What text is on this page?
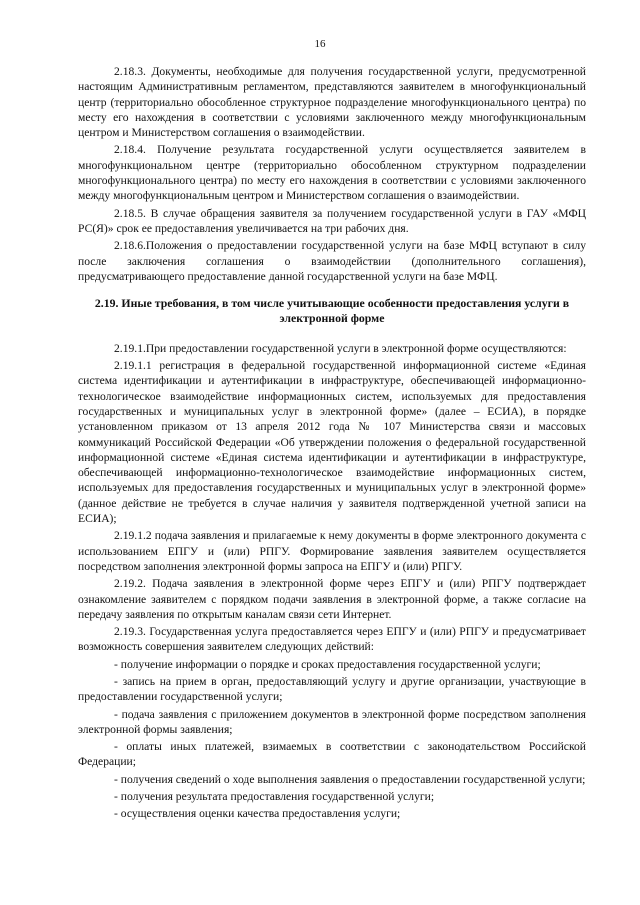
16

2.18.3. Документы, необходимые для получения государственной услуги, предусмотренной настоящим Административным регламентом, представляются заявителем в многофункциональный центр (территориально обособленное структурное подразделение многофункционального центра) по месту его нахождения в соответствии с условиями заключенного между многофункциональным центром и Министерством соглашения о взаимодействии.

2.18.4. Получение результата государственной услуги осуществляется заявителем в многофункциональном центре (территориально обособленном структурном подразделении многофункционального центра) по месту его нахождения в соответствии с условиями заключенного между многофункциональным центром и Министерством соглашения о взаимодействии.

2.18.5. В случае обращения заявителя за получением государственной услуги в ГАУ «МФЦ РС(Я)» срок ее предоставления увеличивается на три рабочих дня.

2.18.6.Положения о предоставлении государственной услуги на базе МФЦ вступают в силу после заключения соглашения о взаимодействии (дополнительного соглашения), предусматривающего предоставление данной государственной услуги на базе МФЦ.

2.19. Иные требования, в том числе учитывающие особенности предоставления услуги в электронной форме

2.19.1.При предоставлении государственной услуги в электронной форме осуществляются:

2.19.1.1 регистрация в федеральной государственной информационной системе «Единая система идентификации и аутентификации в инфраструктуре, обеспечивающей информационно-технологическое взаимодействие информационных систем, используемых для предоставления государственных и муниципальных услуг в электронной форме» (далее – ЕСИА), в порядке установленном приказом от 13 апреля 2012 года № 107 Министерства связи и массовых коммуникаций Российской Федерации «Об утверждении положения о федеральной государственной информационной системе «Единая система идентификации и аутентификации в инфраструктуре, обеспечивающей информационно-технологическое взаимодействие информационных систем, используемых для предоставления государственных и муниципальных услуг в электронной форме» (данное действие не требуется в случае наличия у заявителя подтвержденной учетной записи на ЕСИА);

2.19.1.2 подача заявления и прилагаемые к нему документы в форме электронного документа с использованием ЕПГУ и (или) РПГУ. Формирование заявления заявителем осуществляется посредством заполнения электронной формы запроса на ЕПГУ и (или) РПГУ.

2.19.2. Подача заявления в электронной форме через ЕПГУ и (или) РПГУ подтверждает ознакомление заявителем с порядком подачи заявления в электронной форме, а также согласие на передачу заявления по открытым каналам связи сети Интернет.

2.19.3. Государственная услуга предоставляется через ЕПГУ и (или) РПГУ и предусматривает возможность совершения заявителем следующих действий:

- получение информации о порядке и сроках предоставления государственной услуги;

- запись на прием в орган, предоставляющий услугу и другие организации, участвующие в предоставлении государственной услуги;

- подача заявления с приложением документов в электронной форме посредством заполнения электронной формы заявления;

- оплаты иных платежей, взимаемых в соответствии с законодательством Российской Федерации;

- получения сведений о ходе выполнения заявления о предоставлении государственной услуги;

- получения результата предоставления государственной услуги;

- осуществления оценки качества предоставления услуги;
